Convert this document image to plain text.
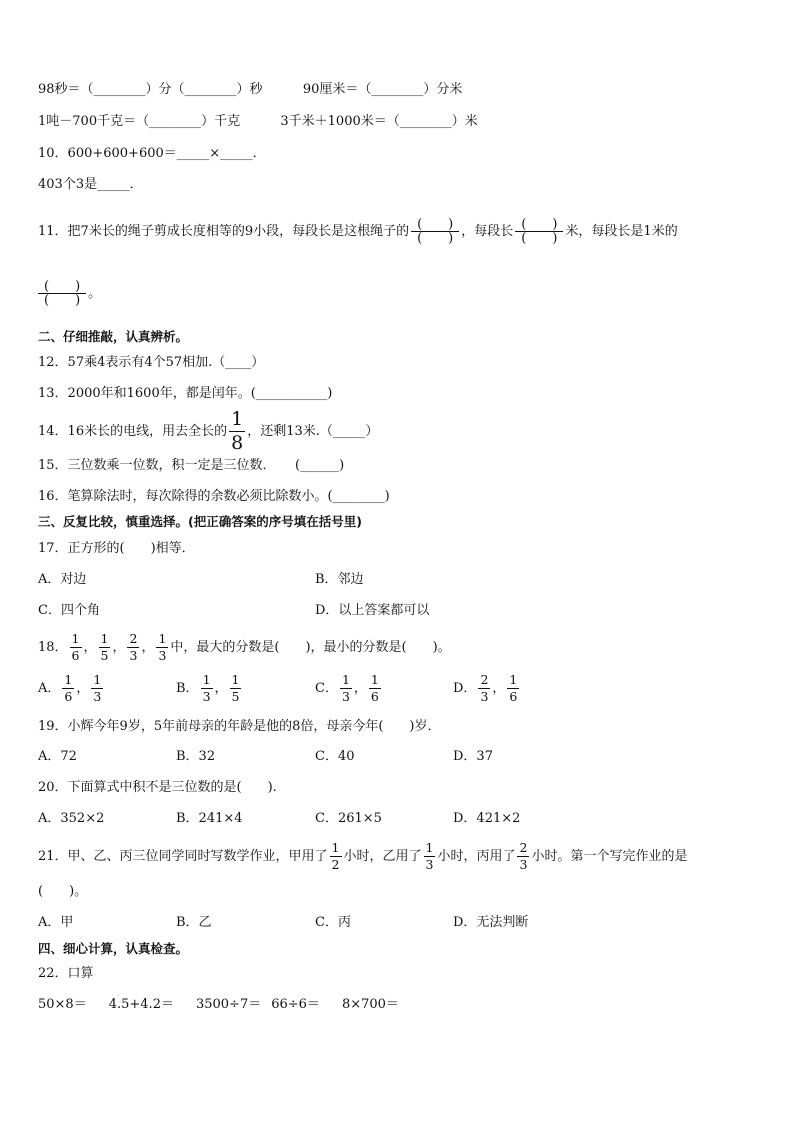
98秒＝（________）分（________）秒	90厘米＝（________）分米
1吨－700千克＝（________）千克	3千米＋1000米＝（________）米
10．600+600+600＝_____×_____．
403个3是_____．
11．把7米长的绳子剪成长度相等的9小段，每段长是这根绳子的 $\frac{( )}{( )}$ ，每段长 $\frac{( )}{( )}$ 米，每段长是1米的
$\frac{( )}{( )}$ 。
二、仔细推敲，认真辨析。
12．57乘4表示有4个57相加.（____）
13．2000年和1600年，都是闰年。(___________)
14．16米长的电线，用去全长的 $\frac{1}{8}$ ，还剩13米.（_____）
15．三位数乘一位数，积一定是三位数．　　(______)
16．笔算除法时，每次除得的余数必须比除数小。(________)
三、反复比较，慎重选择。(把正确答案的序号填在括号里)
17．正方形的(　　)相等．
A．对边	B．邻边
C．四个角	D．以上答案都可以
18． $\frac{1}{6}$ ， $\frac{1}{5}$ ， $\frac{2}{3}$ ， $\frac{1}{3}$ 中，最大的分数是(　　)，最小的分数是(　　)。
A． $\frac{1}{6}$ ， $\frac{1}{3}$	B． $\frac{1}{3}$ ， $\frac{1}{5}$	C． $\frac{1}{3}$ ， $\frac{1}{6}$	D． $\frac{2}{3}$ ， $\frac{1}{6}$
19．小辉今年9岁，5年前母亲的年龄是他的8倍，母亲今年(　　)岁．
A．72	B．32	C．40	D．37
20．下面算式中积不是三位数的是(　　).
A．352×2	B．241×4	C．261×5	D．421×2
21．甲、乙、丙三位同学同时写数学作业，甲用了 $\frac{1}{2}$ 小时，乙用了 $\frac{1}{3}$ 小时，丙用了 $\frac{2}{3}$ 小时。第一个写完作业的是
(　　)。
A．甲	B．乙	C．丙	D．无法判断
四、细心计算，认真检查。
22．口算
50×8＝ 4.5+4.2＝ 3500÷7＝ 66÷6＝ 8×700＝
